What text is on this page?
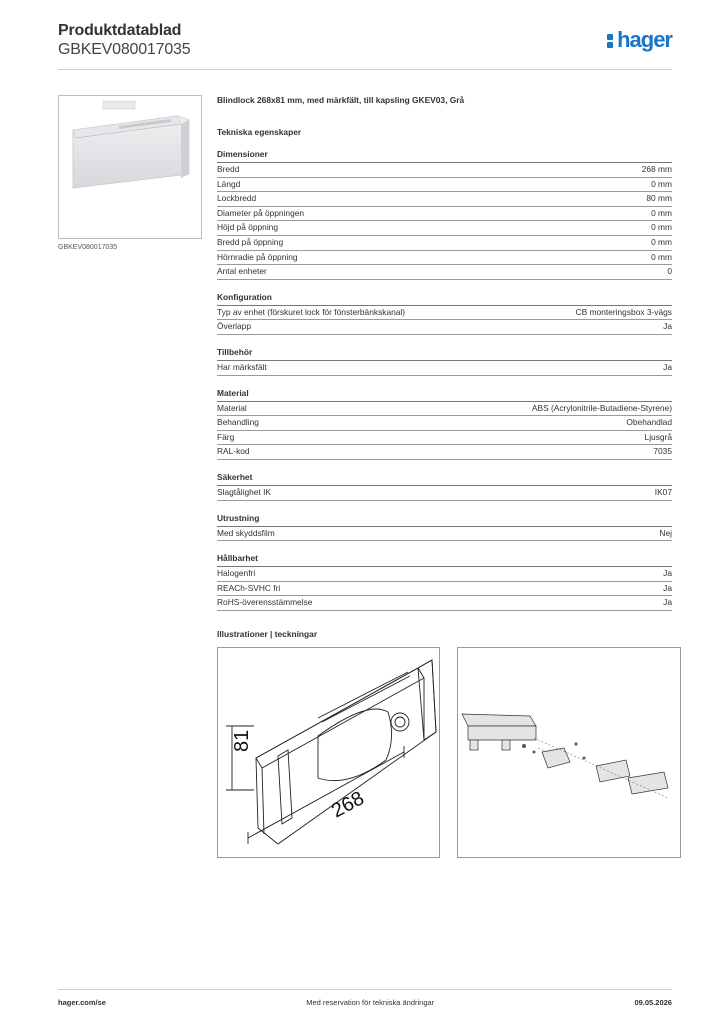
Produktdatablad
GBKEV080017035	hager
GBKEV080017035
Blindlock 268x81 mm, med märkfält, till kapsling GKEV03, Grå
Tekniska egenskaper
Dimensioner
Bredd	268 mm
Längd	0 mm
Lockbredd	80 mm
Diameter på öppningen	0 mm
Höjd på öppning	0 mm
Bredd på öppning	0 mm
Hörnradie på öppning	0 mm
Antal enheter	0
Konfiguration
Typ av enhet (förskuret lock för fönsterbänkskanal)	CB monteringsbox 3-vägs
Överlapp	Ja
Tillbehör
Har märksfält	Ja
Material
Material	ABS (Acrylonitrile-Butadiene-Styrene)
Behandling	Obehandlad
Färg	Ljusgrå
RAL-kod	7035
Säkerhet
Slagtålighet IK	IK07
Utrustning
Med skyddsfilm	Nej
Hållbarhet
Halogenfri	Ja
REACh-SVHC fri	Ja
RoHS-överensstämmelse	Ja
Illustrationer | teckningar
81
268
hager.com/se	Med reservation för tekniska ändringar	09.05.2026
